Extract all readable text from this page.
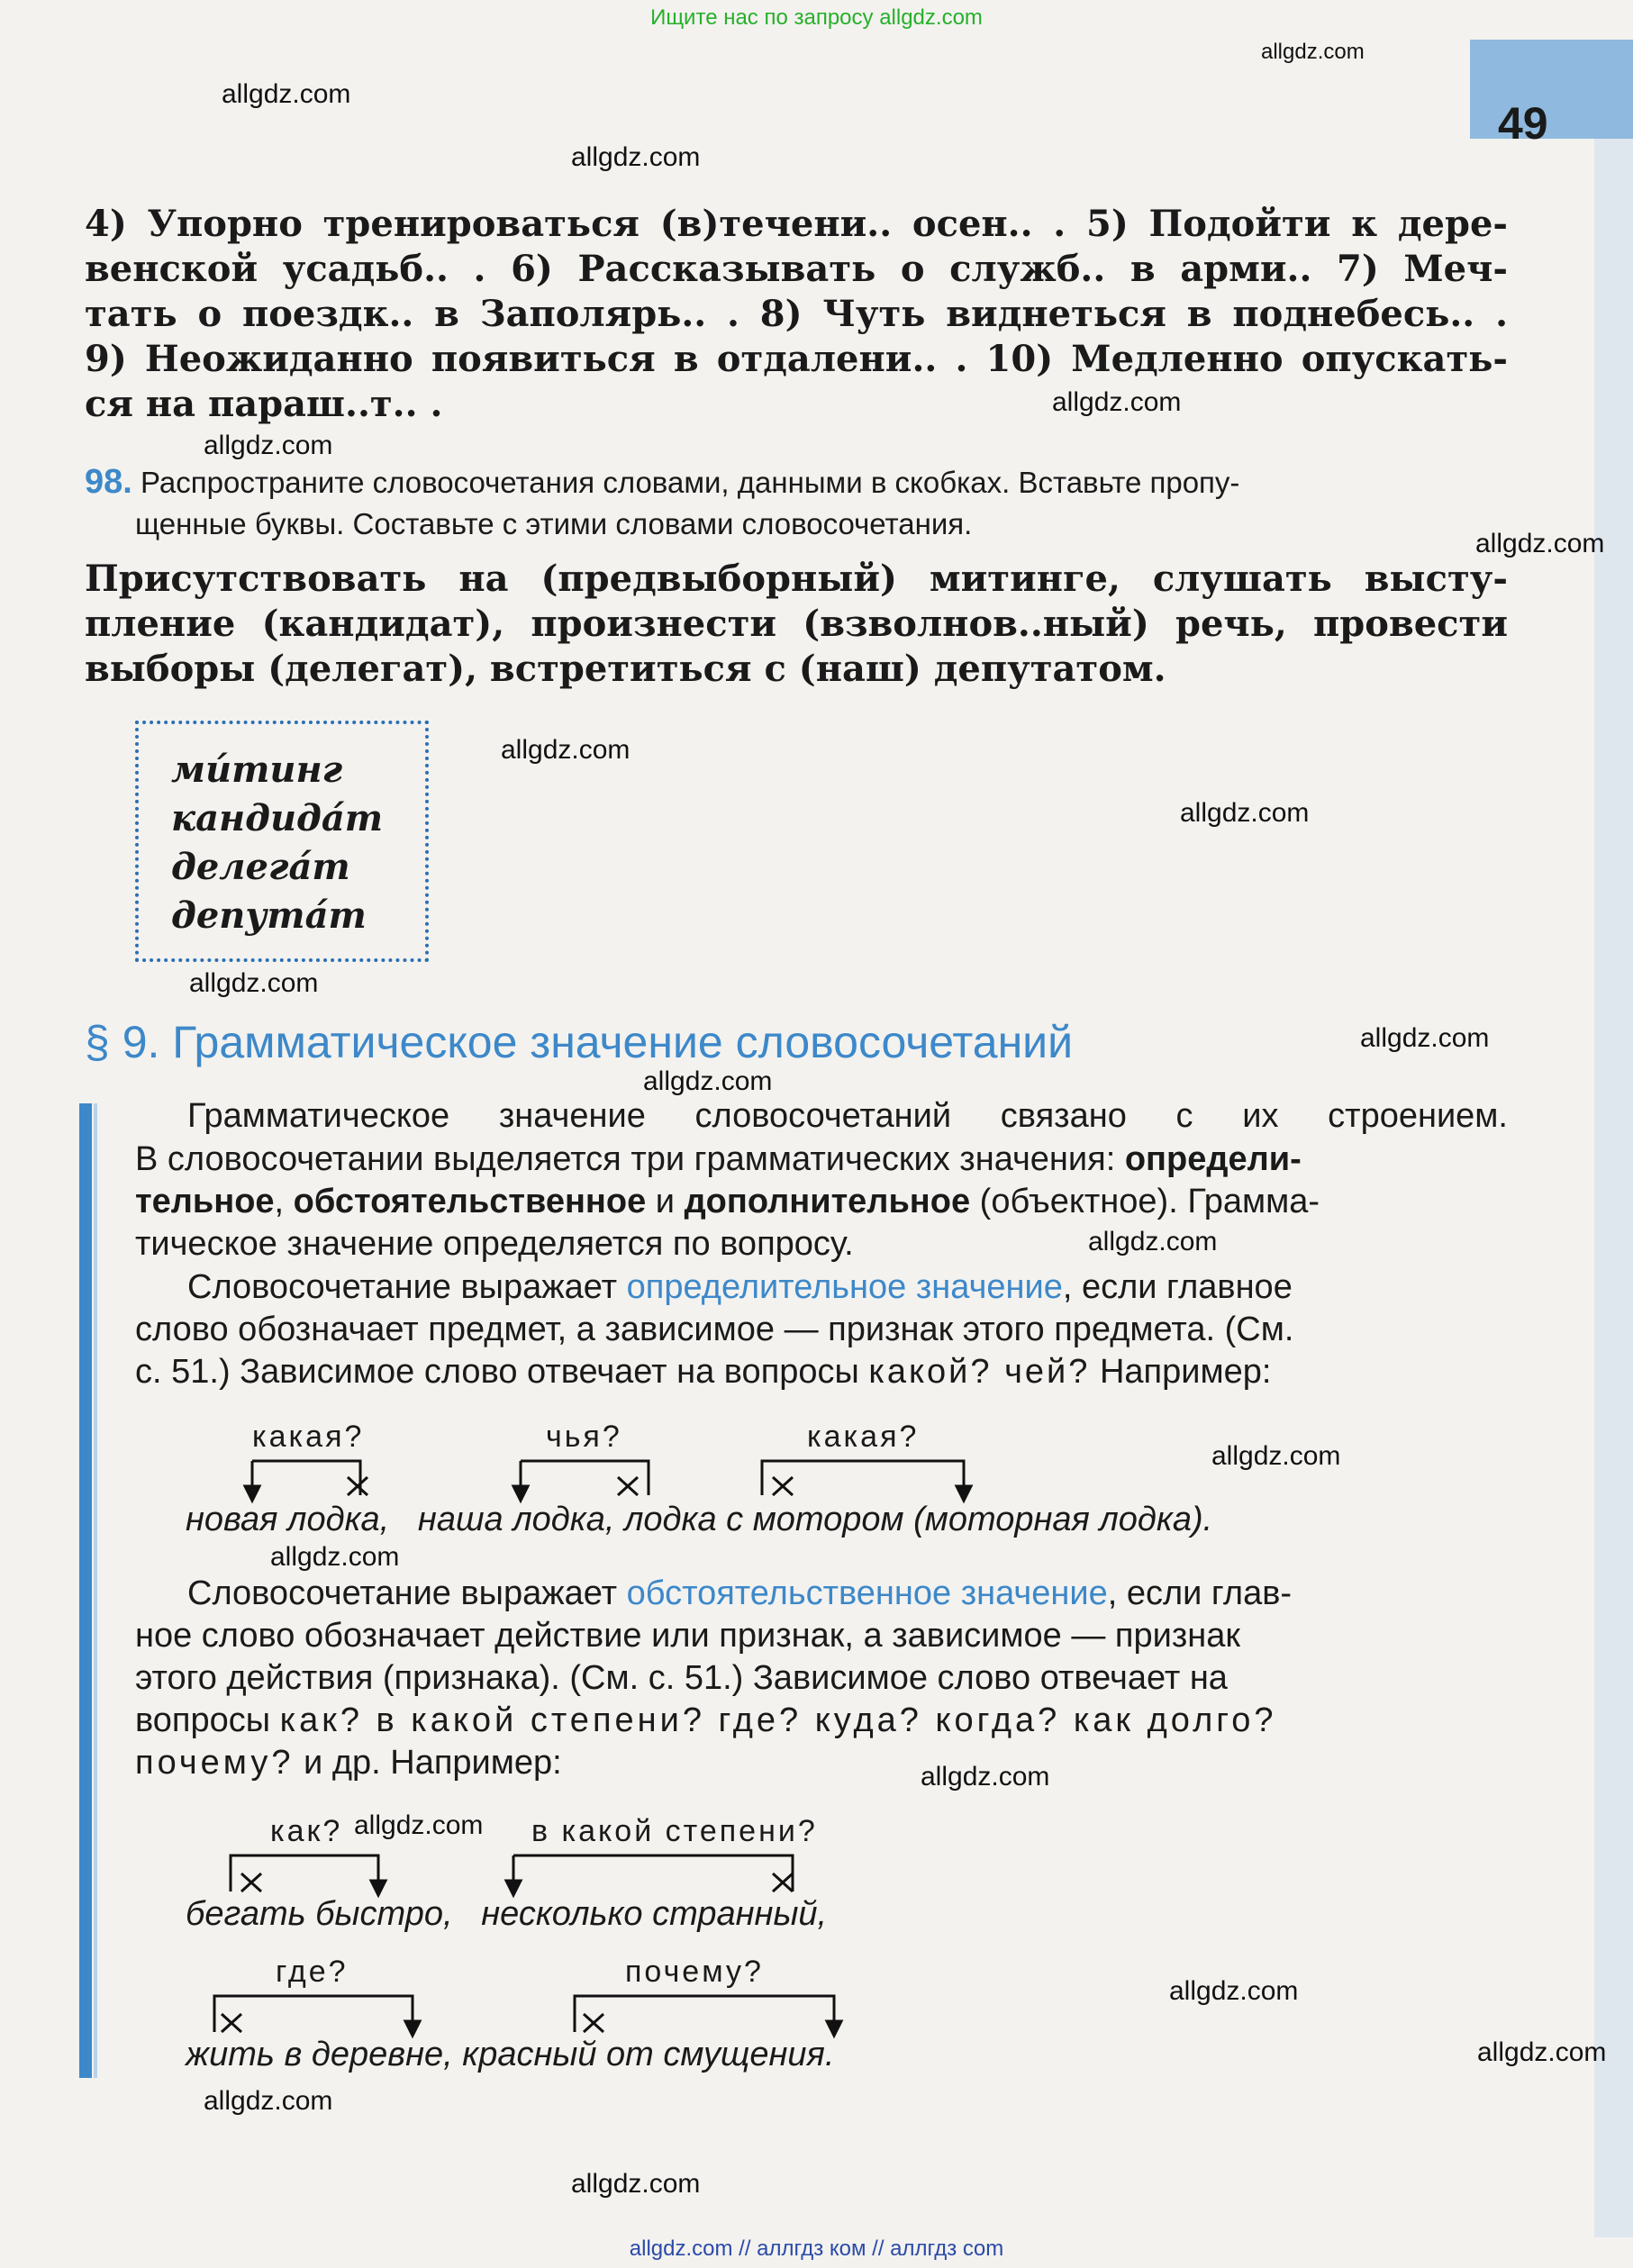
Ищите нас по запросу allgdz.com
49
allgdz.com
allgdz.com
allgdz.com
allgdz.com
allgdz.com
allgdz.com
allgdz.com
allgdz.com
allgdz.com
allgdz.com
allgdz.com
allgdz.com
allgdz.com
allgdz.com
allgdz.com
allgdz.com
allgdz.com
allgdz.com
allgdz.com
allgdz.com
4) Упорно тренироваться (в)течени.. осен.. . 5) Подойти к дере-
венской усадьб.. . 6) Рассказывать о служб.. в арми.. 7) Меч-
тать о поездк.. в Заполярь.. . 8) Чуть виднеться в поднебесь.. .
9) Неожиданно появиться в отдалени.. . 10) Медленно опускать-
ся на параш..т.. .
98. Распространите словосочетания словами, данными в скобках. Вставьте пропу-
щенные буквы. Составьте с этими словами словосочетания.
Присутствовать на (предвыборный) митинге, слушать высту-
пление (кандидат), произнести (взволнов..ный) речь, провести
выборы (делегат), встретиться с (наш) депутатом.
ми́тинг
кандида́т
делега́т
депута́т
§ 9. Грамматическое значение словосочетаний
Грамматическое значение словосочетаний связано с их строением.
В словосочетании выделяется три грамматических значения: определи-
тельное, обстоятельственное и дополнительное (объектное). Грамма-
тическое значение определяется по вопросу.
Словосочетание выражает определительное значение, если главное
слово обозначает предмет, а зависимое — признак этого предмета. (См.
с. 51.) Зависимое слово отвечает на вопросы какой? чей? Например:
какая?	чья?	какая?
новая лодка,   наша лодка, лодка с мотором (моторная лодка).
Словосочетание выражает обстоятельственное значение, если глав-
ное слово обозначает действие или признак, а зависимое — признак
этого действия (признака). (См. с. 51.) Зависимое слово отвечает на
вопросы как? в какой степени? где? куда? когда? как долго?
почему? и др. Например:
как?	в какой степени?
бегать быстро,   несколько странный,
где?	почему?
жить в деревне, красный от смущения.
allgdz.com // аллгдз ком // аллгдз com
